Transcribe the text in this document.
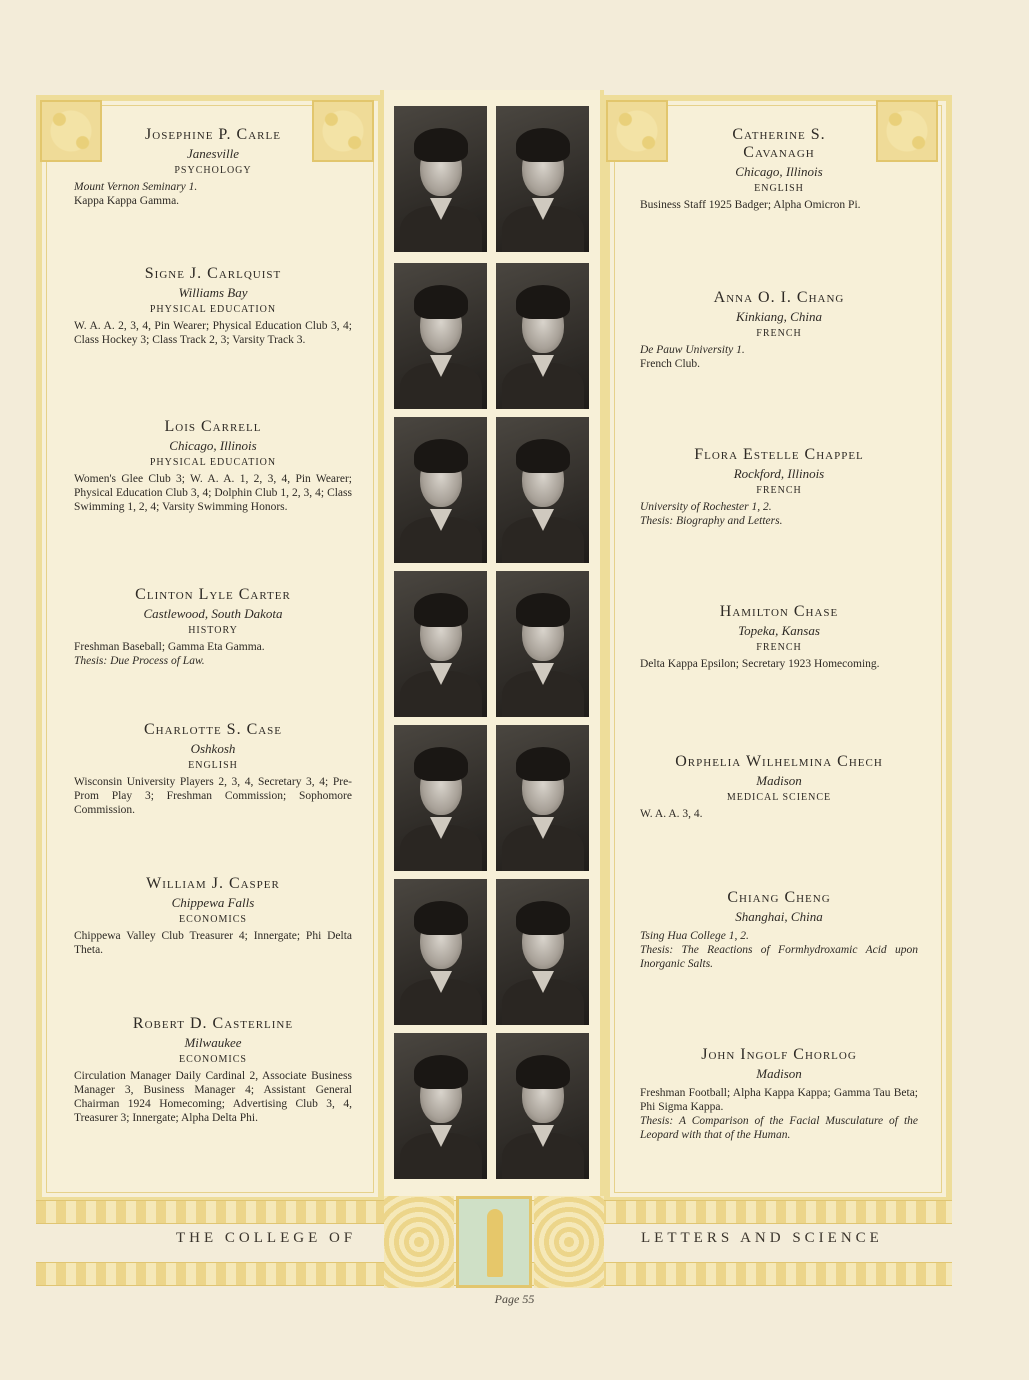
Josephine P. Carle
Janesville
PSYCHOLOGY
Mount Vernon Seminary 1.
Kappa Kappa Gamma.
Signe J. Carlquist
Williams Bay
PHYSICAL EDUCATION
W. A. A. 2, 3, 4, Pin Wearer; Physical Education Club 3, 4; Class Hockey 3; Class Track 2, 3; Varsity Track 3.
Lois Carrell
Chicago, Illinois
PHYSICAL EDUCATION
Women's Glee Club 3; W. A. A. 1, 2, 3, 4, Pin Wearer; Physical Education Club 3, 4; Dolphin Club 1, 2, 3, 4; Class Swimming 1, 2, 4; Varsity Swimming Honors.
Clinton Lyle Carter
Castlewood, South Dakota
HISTORY
Freshman Baseball; Gamma Eta Gamma.
Thesis: Due Process of Law.
Charlotte S. Case
Oshkosh
ENGLISH
Wisconsin University Players 2, 3, 4, Secretary 3, 4; Pre-Prom Play 3; Freshman Commission; Sophomore Commission.
William J. Casper
Chippewa Falls
ECONOMICS
Chippewa Valley Club Treasurer 4; Innergate; Phi Delta Theta.
Robert D. Casterline
Milwaukee
ECONOMICS
Circulation Manager Daily Cardinal 2, Associate Business Manager 3, Business Manager 4; Assistant General Chairman 1924 Homecoming; Advertising Club 3, 4, Treasurer 3; Innergate; Alpha Delta Phi.
Catherine S. Cavanagh
Chicago, Illinois
ENGLISH
Business Staff 1925 Badger; Alpha Omicron Pi.
Anna O. I. Chang
Kinkiang, China
FRENCH
De Pauw University 1.
French Club.
Flora Estelle Chappel
Rockford, Illinois
FRENCH
University of Rochester 1, 2.
Thesis: Biography and Letters.
Hamilton Chase
Topeka, Kansas
FRENCH
Delta Kappa Epsilon; Secretary 1923 Homecoming.
Orphelia Wilhelmina Chech
Madison
MEDICAL SCIENCE
W. A. A. 3, 4.
Chiang Cheng
Shanghai, China
Tsing Hua College 1, 2.
Thesis: The Reactions of Formhydroxamic Acid upon Inorganic Salts.
John Ingolf Chorlog
Madison
Freshman Football; Alpha Kappa Kappa; Gamma Tau Beta; Phi Sigma Kappa.
Thesis: A Comparison of the Facial Musculature of the Leopard with that of the Human.
THE COLLEGE OF	LETTERS AND SCIENCE
Page 55
